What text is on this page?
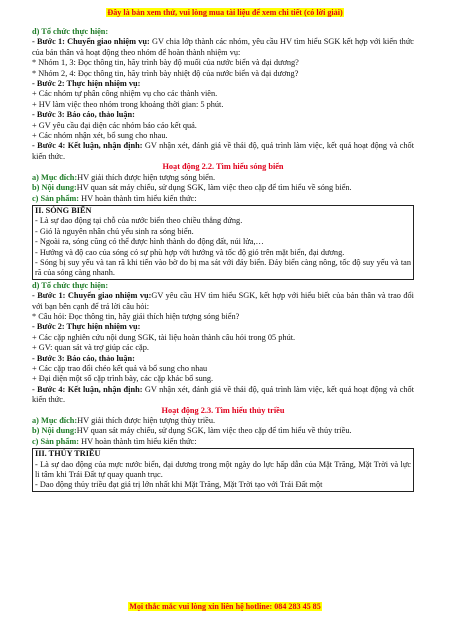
Đây là bản xem thử, vui lòng mua tài liệu để xem chi tiết (có lời giải)

d) Tổ chức thực hiện:

- Bước 1: Chuyển giao nhiệm vụ: GV chia lớp thành các nhóm, yêu cầu HV tìm hiểu SGK kết hợp với kiến thức của bản thân và hoạt động theo nhóm để hoàn thành nhiệm vụ:

* Nhóm 1, 3: Đọc thông tin, hãy trình bày độ muối của nước biển và đại dương?

* Nhóm 2, 4: Đọc thông tin, hãy trình bày nhiệt độ của nước biển và đại dương?

- Bước 2: Thực hiện nhiệm vụ:

+ Các nhóm tự phân công nhiệm vụ cho các thành viên.

+ HV làm việc theo nhóm trong khoảng thời gian: 5 phút.

- Bước 3: Báo cáo, thảo luận:

+ GV yêu cầu đại diện các nhóm báo cáo kết quả.

+ Các nhóm nhận xét, bổ sung cho nhau.

- Bước 4: Kết luận, nhận định: GV nhận xét, đánh giá về thái độ, quá trình làm việc, kết quả hoạt động và chốt kiến thức.

Hoạt động 2.2. Tìm hiểu sóng biển

a) Mục đích:HV giải thích được hiện tượng sóng biển.

b) Nội dung:HV quan sát máy chiếu, sử dụng SGK, làm việc theo cặp để tìm hiểu về sóng biển.

c) Sản phẩm: HV hoàn thành tìm hiểu kiến thức:

II. SÓNG BIỂN

- Là sự dao động tại chỗ của nước biển theo chiều thẳng đứng.

- Gió là nguyên nhân chủ yếu sinh ra sóng biển.

- Ngoài ra, sóng cũng có thể được hình thành do động đất, núi lửa,…

- Hướng và độ cao của sóng có sự phù hợp với hướng và tốc độ gió trên mặt biển, đại dương.

- Sóng bị suy yếu và tan rã khi tiến vào bờ do bị ma sát với đáy biển. Đáy biển càng nông, tốc độ suy yếu và tan rã của sóng càng nhanh.

d) Tổ chức thực hiện:

- Bước 1: Chuyển giao nhiệm vụ:GV yêu cầu HV tìm hiểu SGK, kết hợp với hiểu biết của bản thân và trao đổi với bạn bên cạnh để trả lời câu hỏi:

* Câu hỏi: Đọc thông tin, hãy giải thích hiện tượng sóng biển?

- Bước 2: Thực hiện nhiệm vụ:

+ Các cặp nghiên cứu nội dung SGK, tài liệu hoàn thành câu hỏi trong 05 phút.

+ GV: quan sát và trợ giúp các cặp.

- Bước 3: Báo cáo, thảo luận:

+ Các cặp trao đổi chéo kết quả và bổ sung cho nhau

+ Đại diện một số cặp trình bày, các cặp khác bổ sung.

- Bước 4: Kết luận, nhận định: GV nhận xét, đánh giá về thái độ, quá trình làm việc, kết quả hoạt động và chốt kiến thức.

Hoạt động 2.3. Tìm hiểu thủy triều

a) Mục đích:HV giải thích được hiện tượng thủy triều.

b) Nội dung:HV quan sát máy chiếu, sử dụng SGK, làm việc theo cặp để tìm hiểu về thủy triều.

c) Sản phẩm: HV hoàn thành tìm hiểu kiến thức:

III. THỦY TRIỀU

- Là sự dao động của mực nước biển, đại dương trong một ngày do lực hấp dẫn của Mặt Trăng, Mặt Trời và lực li tâm khi Trái Đất tự quay quanh trục.

- Dao động thủy triều đạt giá trị lớn nhất khi Mặt Trăng, Mặt Trời tạo với Trái Đất một

Mọi thắc mắc vui lòng xin liên hệ hotline: 084 283 45 85
